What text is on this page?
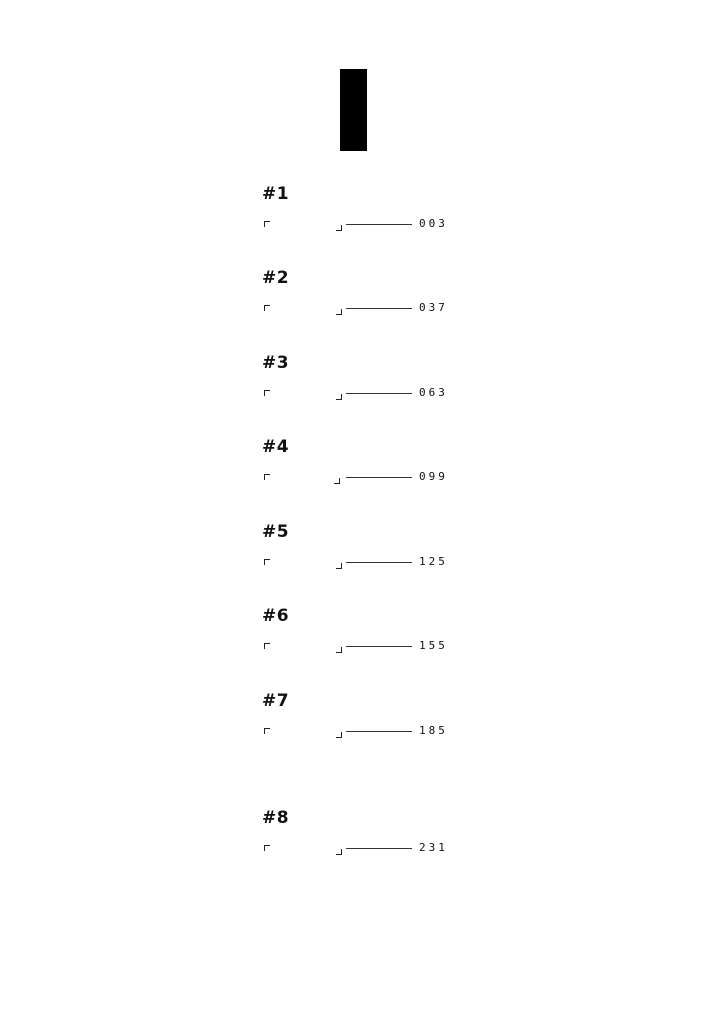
#1
003
#2
037
#3
063
#4
099
#5
125
#6
155
#7
185
#8
231
